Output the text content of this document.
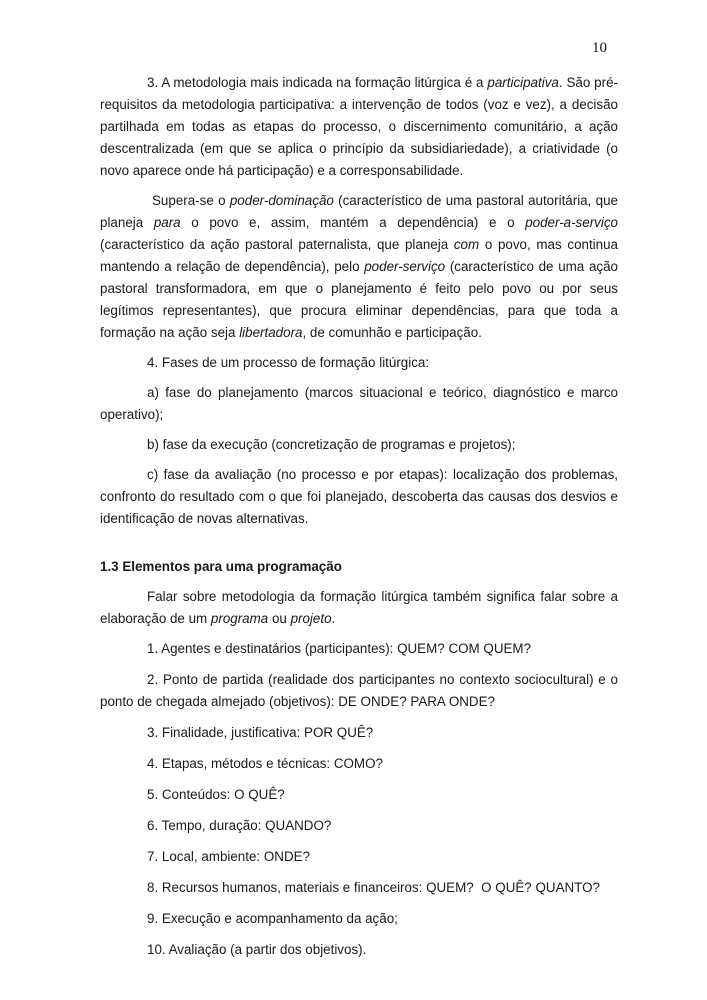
10

3. A metodologia mais indicada na formação litúrgica é a participativa. São pré-requisitos da metodologia participativa: a intervenção de todos (voz e vez), a decisão partilhada em todas as etapas do processo, o discernimento comunitário, a ação descentralizada (em que se aplica o princípio da subsidiariedade), a criatividade (o novo aparece onde há participação) e a corresponsabilidade.

Supera-se o poder-dominação (característico de uma pastoral autoritária, que planeja para o povo e, assim, mantém a dependência) e o poder-a-serviço (característico da ação pastoral paternalista, que planeja com o povo, mas continua mantendo a relação de dependência), pelo poder-serviço (característico de uma ação pastoral transformadora, em que o planejamento é feito pelo povo ou por seus legítimos representantes), que procura eliminar dependências, para que toda a formação na ação seja libertadora, de comunhão e participação.

4. Fases de um processo de formação litúrgica:

a) fase do planejamento (marcos situacional e teórico, diagnóstico e marco operativo);

b) fase da execução (concretização de programas e projetos);

c) fase da avaliação (no processo e por etapas): localização dos problemas, confronto do resultado com o que foi planejado, descoberta das causas dos desvios e identificação de novas alternativas.

1.3 Elementos para uma programação

Falar sobre metodologia da formação litúrgica também significa falar sobre a elaboração de um programa ou projeto.

1. Agentes e destinatários (participantes): QUEM? COM QUEM?

2. Ponto de partida (realidade dos participantes no contexto sociocultural) e o ponto de chegada almejado (objetivos): DE ONDE? PARA ONDE?

3. Finalidade, justificativa: POR QUÊ?

4. Etapas, métodos e técnicas: COMO?

5. Conteúdos: O QUÊ?

6. Tempo, duração: QUANDO?

7. Local, ambiente: ONDE?

8. Recursos humanos, materiais e financeiros: QUEM?  O QUÊ? QUANTO?

9. Execução e acompanhamento da ação;

10. Avaliação (a partir dos objetivos).
